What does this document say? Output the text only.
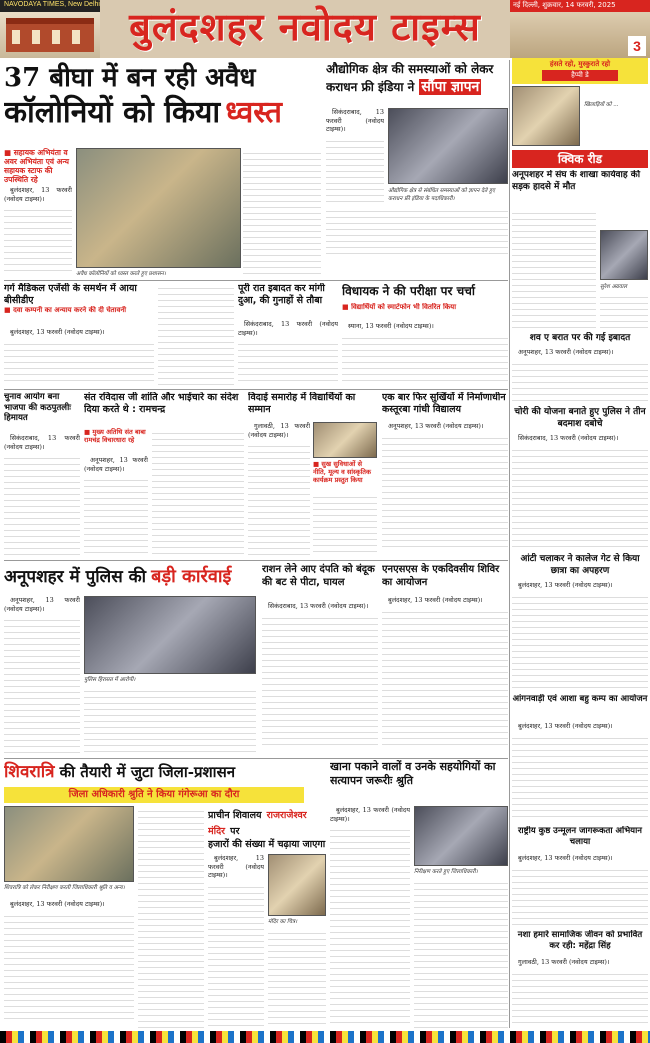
NAVODAYA TIMES, New Delhi बुलंदशहर नवोदय टाइम्स	नई दिल्ली, शुक्रवार, 14 फरवरी, 2025
3
37 बीघा में बन रही अवैध
कॉलोनियों को किया ध्वस्त
■ सहायक अभियंता व अवर अभियंता एवं अन्य सहायक स्टाफ की उपस्थिति रहे

बुलंदशहर, 13 फरवरी (नवोदय टाइम्स)।

अवैध कॉलोनियों को ध्वस्त करते हुए प्रशासन।
औद्योगिक क्षेत्र की समस्याओं को लेकर
कराधन फ्री इंडिया ने सौंपा ज्ञापन

सिकंदराबाद, 13 फरवरी (नवोदय टाइम्स)।

औद्योगिक क्षेत्र से संबंधित समस्याओं को ज्ञापन देते हुए कराधन फ्री इंडिया के पदाधिकारी।
गर्ग मैडिकल एजेंसी के समर्थन में आया बीसीडीए
■ दवा कम्पनी का अन्याय करने की दी चेतावनी

बुलंदशहर, 13 फरवरी (नवोदय टाइम्स)।

पूरी रात इबादत कर मांगी दुआ, की गुनाहों से तौबा

सिकंदराबाद, 13 फरवरी (नवोदय टाइम्स)।

विधायक ने की परीक्षा पर चर्चा
■ विद्यार्थियों को स्मार्टफोन भी वितरित किया

स्याना, 13 फरवरी (नवोदय टाइम्स)।

चुनाव आयोग बना भाजपा की कठपुतलीः हिमायत

सिकंदराबाद, 13 फरवरी (नवोदय टाइम्स)।

संत रविदास जी शांति और भाईचारे का संदेश दिया करते थे : रामचन्द्र
■ मुख्य अतिथि संत बाबा रामचंद्र विचारधारा रहे

अनूपशहर, 13 फरवरी (नवोदय टाइम्स)।

विदाई समारोह में विद्यार्थियों का सम्मान

गुलावठी, 13 फरवरी (नवोदय टाइम्स)।

■ सुख सुविधाओं से नीति, मूल्य व सांस्कृतिक कार्यक्रम प्रस्तुत किया
एक बार फिर सुर्खियों में निर्माणाधीन कस्तूरबा गांधी विद्यालय

अनूपशहर, 13 फरवरी (नवोदय टाइम्स)।

अनूपशहर में पुलिस की बड़ी कार्रवाई

अनूपशहर, 13 फरवरी (नवोदय टाइम्स)।

पुलिस हिरासत में आरोपी।
राशन लेने आए दंपति को बंदूक की बट से पीटा, घायल

सिकंदराबाद, 13 फरवरी (नवोदय टाइम्स)।

एनएसएस के एकदिवसीय शिविर का आयोजन

बुलंदशहर, 13 फरवरी (नवोदय टाइम्स)।

शिवरात्रि की तैयारी में जुटा जिला-प्रशासन
जिला अधिकारी श्रुति ने किया गंगेरूआ का दौरा
शिवरात्रि को लेकर निरीक्षण करती जिलाधिकारी श्रुति व अन्य।

बुलंदशहर, 13 फरवरी (नवोदय टाइम्स)।

प्राचीन शिवालय राजराजेश्वर मंदिर पर
हजारों की संख्या में चढ़ाया जाएगा

बुलंदशहर, 13 फरवरी (नवोदय टाइम्स)।

मंदिर का चित्र।
खाना पकाने वालों व उनके सहयोगियों का सत्यापन जरूरीः श्रुति

बुलंदशहर, 13 फरवरी (नवोदय टाइम्स)।

निरीक्षण करते हुए जिलाधिकारी।
हंसते रहो, मुस्कुराते रहो
हैप्पी डे
खिलाड़ियों को ...
क्विक रीड
अनूपशहर में संघ के शाखा कार्यवाह की सड़क हादसे में मौत
सुरेश अग्रवाल
शव ए बरात पर की गई इबादत

अनूपशहर, 13 फरवरी (नवोदय टाइम्स)।

चोरी की योजना बनाते हुए पुलिस ने तीन बदमाश दबोचे

सिकंदराबाद, 13 फरवरी (नवोदय टाइम्स)।

आंटी चलाकर ने कालेज गेट से किया छात्रा का अपहरण

बुलंदशहर, 13 फरवरी (नवोदय टाइम्स)।

आंगनवाड़ी एवं आशा बहु कम्प का आयोजन

बुलंदशहर, 13 फरवरी (नवोदय टाइम्स)।

राष्ट्रीय कुष्ठ उन्मूलन जागरूकता अभियान चलाया

बुलंदशहर, 13 फरवरी (नवोदय टाइम्स)।

नशा हमारे सामाजिक जीवन को प्रभावित कर रही: महेंद्रा सिंह

गुलावठी, 13 फरवरी (नवोदय टाइम्स)।
